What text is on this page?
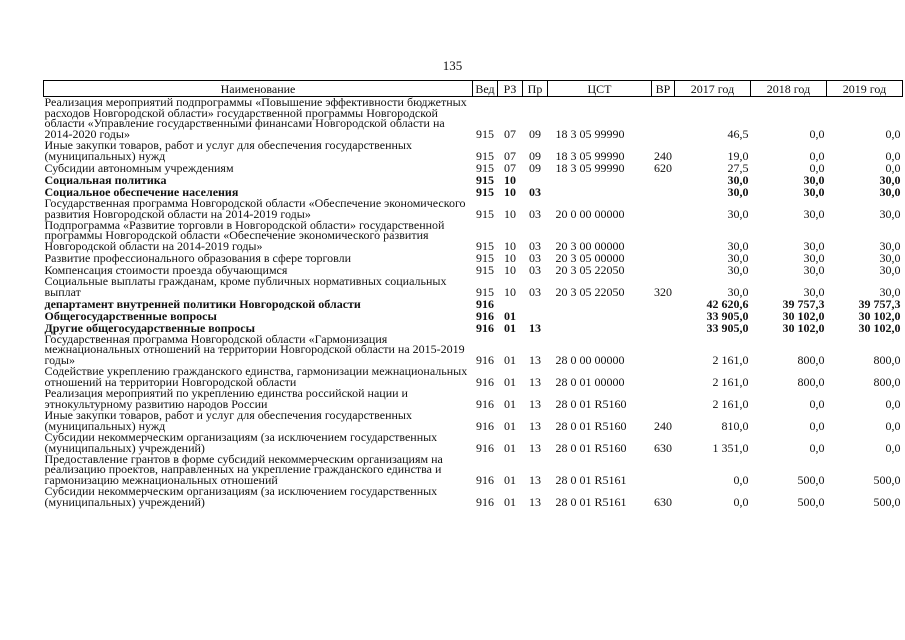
135
Наименование	Вед	РЗ	Пр	ЦСТ	ВР	2017 год	2018 год	2019 год
Реализация мероприятий подпрограммы «Повышение эффективности бюджетных расходов Новгородской области» государственной программы Новгородской области «Управление государственными финансами Новгородской области на 2014-2020 годы»	915	07	09	18 3 05 99990		46,5	0,0	0,0
Иные закупки товаров, работ и услуг для обеспечения государственных (муниципальных) нужд	915	07	09	18 3 05 99990	240	19,0	0,0	0,0
Субсидии автономным учреждениям	915	07	09	18 3 05 99990	620	27,5	0,0	0,0
Социальная политика	915	10				30,0	30,0	30,0
Социальное обеспечение населения	915	10	03			30,0	30,0	30,0
Государственная программа Новгородской области «Обеспечение экономического развития Новгородской области на 2014-2019 годы»	915	10	03	20 0 00 00000		30,0	30,0	30,0
Подпрограмма «Развитие торговли в Новгородской области» государственной программы Новгородской области «Обеспечение экономического развития Новгородской области на 2014-2019 годы»	915	10	03	20 3 00 00000		30,0	30,0	30,0
Развитие профессионального образования в сфере торговли	915	10	03	20 3 05 00000		30,0	30,0	30,0
Компенсация стоимости проезда обучающимся	915	10	03	20 3 05 22050		30,0	30,0	30,0
Социальные выплаты гражданам, кроме публичных нормативных социальных выплат	915	10	03	20 3 05 22050	320	30,0	30,0	30,0
департамент внутренней политики Новгородской области	916					42 620,6	39 757,3	39 757,3
Общегосударственные вопросы	916	01				33 905,0	30 102,0	30 102,0
Другие общегосударственные вопросы	916	01	13			33 905,0	30 102,0	30 102,0
Государственная программа Новгородской области «Гармонизация межнациональных отношений на территории Новгородской области на 2015-2019 годы»	916	01	13	28 0 00 00000		2 161,0	800,0	800,0
Содействие укреплению гражданского единства, гармонизации межнациональных отношений на территории Новгородской области	916	01	13	28 0 01 00000		2 161,0	800,0	800,0
Реализация мероприятий по укреплению единства российской нации и этнокультурному развитию народов России	916	01	13	28 0 01 R5160		2 161,0	0,0	0,0
Иные закупки товаров, работ и услуг для обеспечения государственных (муниципальных) нужд	916	01	13	28 0 01 R5160	240	810,0	0,0	0,0
Субсидии некоммерческим организациям (за исключением государственных (муниципальных) учреждений)	916	01	13	28 0 01 R5160	630	1 351,0	0,0	0,0
Предоставление грантов в форме субсидий некоммерческим организациям на реализацию проектов, направленных на укрепление гражданского единства и гармонизацию межнациональных отношений	916	01	13	28 0 01 R5161		0,0	500,0	500,0
Субсидии некоммерческим организациям (за исключением государственных (муниципальных) учреждений)	916	01	13	28 0 01 R5161	630	0,0	500,0	500,0
